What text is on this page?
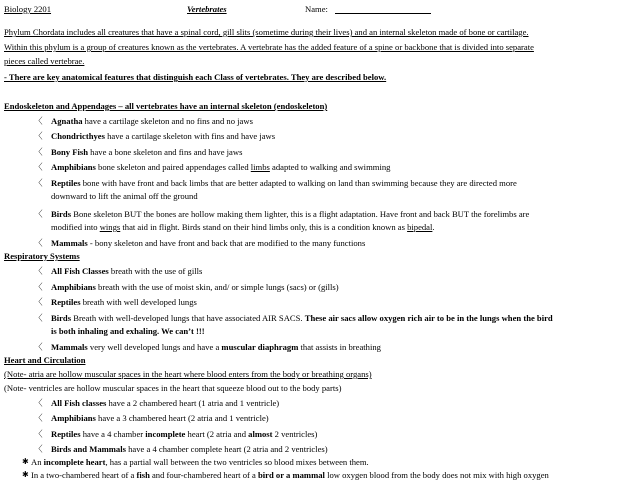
Biology 2201	Vertebrates	Name:
Phylum Chordata includes all creatures that have a spinal cord, gill slits (sometime during their lives) and an internal skeleton made of bone or cartilage.
Within this phylum is a group of creatures known as the vertebrates. A vertebrate has the added feature of a spine or backbone that is divided into separate
pieces called vertebrae.
- There are key anatomical features that distinguish each Class of vertebrates. They are described below.
Endoskeleton and Appendages – all vertebrates have an internal skeleton (endoskeleton)
〈 Agnatha have a cartilage skeleton and no fins and no jaws
〈 Chondricthyes have a cartilage skeleton with fins and have jaws
〈 Bony Fish have a bone skeleton and fins and have jaws
〈 Amphibians bone skeleton and paired appendages called limbs adapted to walking and swimming
〈 Reptiles bone with have front and back limbs that are better adapted to walking on land than swimming because they are directed more
downward to lift the animal off the ground
〈 Birds Bone skeleton BUT the bones are hollow making them lighter, this is a flight adaptation. Have front and back BUT the forelimbs are
modified into wings that aid in flight. Birds stand on their hind limbs only, this is a condition known as bipedal.
〈 Mammals - bony skeleton and have front and back that are modified to the many functions
Respiratory Systems
〈 All Fish Classes breath with the use of gills
〈 Amphibians breath with the use of moist skin, and/ or simple lungs (sacs) or (gills)
〈 Reptiles breath with well developed lungs
〈 Birds Breath with well-developed lungs that have associated AIR SACS. These air sacs allow oxygen rich air to be in the lungs when the bird
is both inhaling and exhaling. We can’t !!!
〈 Mammals very well developed lungs and have a muscular diaphragm that assists in breathing
Heart and Circulation
(Note- atria are hollow muscular spaces in the heart where blood enters from the body or breathing organs)
(Note- ventricles are hollow muscular spaces in the heart that squeeze blood out to the body parts)
〈 All Fish classes have a 2 chambered heart (1 atria and 1 ventricle)
〈 Amphibians have a 3 chambered heart (2 atria and 1 ventricle)
〈 Reptiles have a 4 chamber incomplete heart (2 atria and almost 2 ventricles)
〈 Birds and Mammals have a 4 chamber complete heart (2 atria and 2 ventricles)
✱ An incomplete heart, has a partial wall between the two ventricles so blood mixes between them.
✱ In a two-chambered heart of a fish and four-chambered heart of a bird or a mammal low oxygen blood from the body does not mix with high oxygen
